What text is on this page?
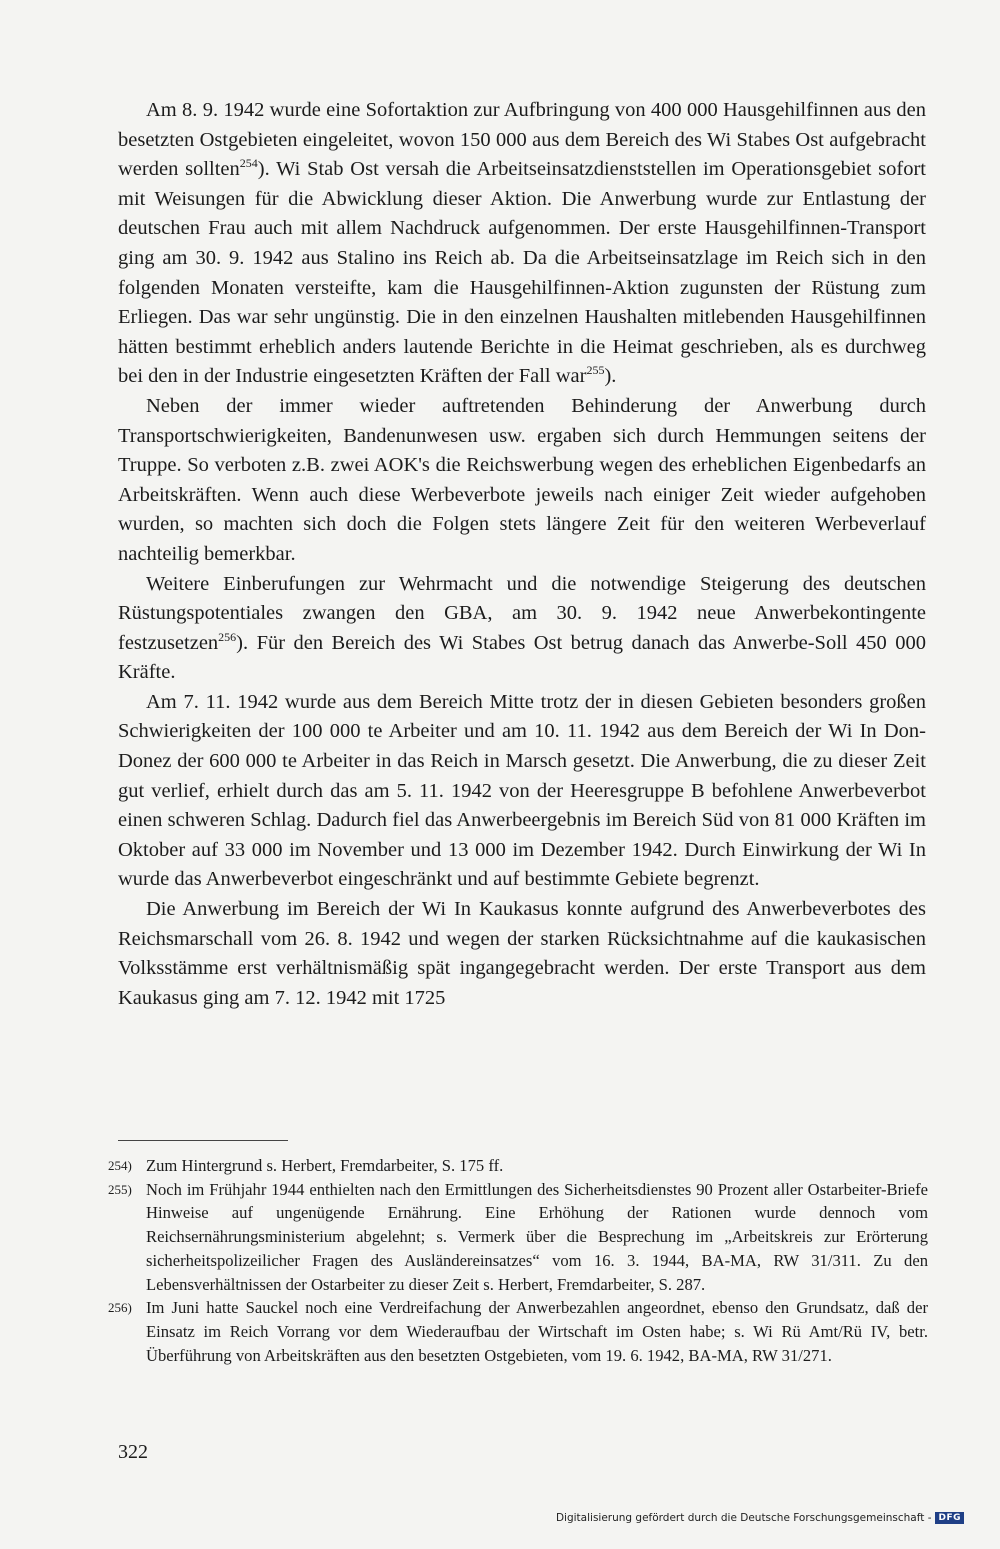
Am 8. 9. 1942 wurde eine Sofortaktion zur Aufbringung von 400 000 Hausgehilfinnen aus den besetzten Ostgebieten eingeleitet, wovon 150 000 aus dem Bereich des Wi Stabes Ost aufgebracht werden sollten$^{254}$). Wi Stab Ost versah die Arbeitseinsatzdienststellen im Operationsgebiet sofort mit Weisungen für die Abwicklung dieser Aktion. Die Anwerbung wurde zur Entlastung der deutschen Frau auch mit allem Nachdruck aufgenommen. Der erste Hausgehilfinnen-Transport ging am 30. 9. 1942 aus Stalino ins Reich ab. Da die Arbeitseinsatzlage im Reich sich in den folgenden Monaten versteifte, kam die Hausgehilfinnen-Aktion zugunsten der Rüstung zum Erliegen. Das war sehr ungünstig. Die in den einzelnen Haushalten mitlebenden Hausgehilfinnen hätten bestimmt erheblich anders lautende Berichte in die Heimat geschrieben, als es durchweg bei den in der Industrie eingesetzten Kräften der Fall war$^{255}$).

Neben der immer wieder auftretenden Behinderung der Anwerbung durch Transportschwierigkeiten, Bandenunwesen usw. ergaben sich durch Hemmungen seitens der Truppe. So verboten z.B. zwei AOK's die Reichswerbung wegen des erheblichen Eigenbedarfs an Arbeitskräften. Wenn auch diese Werbeverbote jeweils nach einiger Zeit wieder aufgehoben wurden, so machten sich doch die Folgen stets längere Zeit für den weiteren Werbeverlauf nachteilig bemerkbar.

Weitere Einberufungen zur Wehrmacht und die notwendige Steigerung des deutschen Rüstungspotentiales zwangen den GBA, am 30. 9. 1942 neue Anwerbekontingente festzusetzen$^{256}$). Für den Bereich des Wi Stabes Ost betrug danach das Anwerbe-Soll 450 000 Kräfte.

Am 7. 11. 1942 wurde aus dem Bereich Mitte trotz der in diesen Gebieten besonders großen Schwierigkeiten der 100 000 te Arbeiter und am 10. 11. 1942 aus dem Bereich der Wi In Don-Donez der 600 000 te Arbeiter in das Reich in Marsch gesetzt. Die Anwerbung, die zu dieser Zeit gut verlief, erhielt durch das am 5. 11. 1942 von der Heeresgruppe B befohlene Anwerbeverbot einen schweren Schlag. Dadurch fiel das Anwerbeergebnis im Bereich Süd von 81 000 Kräften im Oktober auf 33 000 im November und 13 000 im Dezember 1942. Durch Einwirkung der Wi In wurde das Anwerbeverbot eingeschränkt und auf bestimmte Gebiete begrenzt.

Die Anwerbung im Bereich der Wi In Kaukasus konnte aufgrund des Anwerbeverbotes des Reichsmarschall vom 26. 8. 1942 und wegen der starken Rücksichtnahme auf die kaukasischen Volksstämme erst verhältnismäßig spät ingangegebracht werden. Der erste Transport aus dem Kaukasus ging am 7. 12. 1942 mit 1725

254) Zum Hintergrund s. Herbert, Fremdarbeiter, S. 175 ff.

255) Noch im Frühjahr 1944 enthielten nach den Ermittlungen des Sicherheitsdienstes 90 Prozent aller Ostarbeiter-Briefe Hinweise auf ungenügende Ernährung. Eine Erhöhung der Rationen wurde dennoch vom Reichsernährungsministerium abgelehnt; s. Vermerk über die Besprechung im „Arbeitskreis zur Erörterung sicherheitspolizeilicher Fragen des Ausländereinsatzes“ vom 16. 3. 1944, BA-MA, RW 31/311. Zu den Lebensverhältnissen der Ostarbeiter zu dieser Zeit s. Herbert, Fremdarbeiter, S. 287.

256) Im Juni hatte Sauckel noch eine Verdreifachung der Anwerbezahlen angeordnet, ebenso den Grundsatz, daß der Einsatz im Reich Vorrang vor dem Wiederaufbau der Wirtschaft im Osten habe; s. Wi Rü Amt/Rü IV, betr. Überführung von Arbeitskräften aus den besetzten Ostgebieten, vom 19. 6. 1942, BA-MA, RW 31/271.

322
Digitalisierung gefördert durch die Deutsche Forschungsgemeinschaft - DFG
